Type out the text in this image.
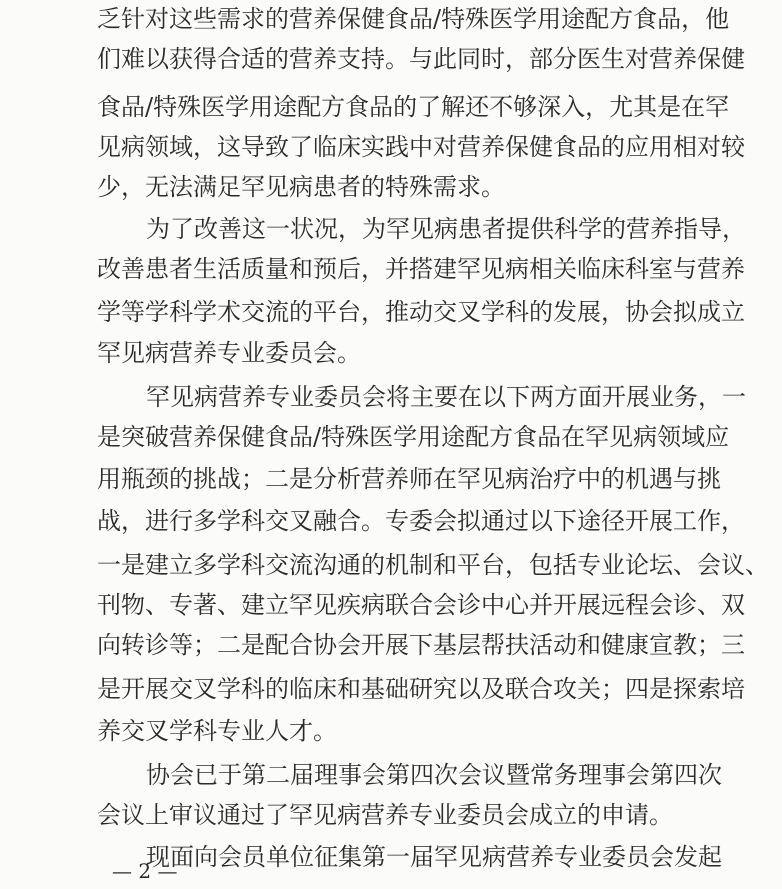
乏针对这些需求的营养保健食品/特殊医学用途配方食品，他
们难以获得合适的营养支持。与此同时，部分医生对营养保健
食品/特殊医学用途配方食品的了解还不够深入，尤其是在罕
见病领域，这导致了临床实践中对营养保健食品的应用相对较
少，无法满足罕见病患者的特殊需求。
为了改善这一状况，为罕见病患者提供科学的营养指导，
改善患者生活质量和预后，并搭建罕见病相关临床科室与营养
学等学科学术交流的平台，推动交叉学科的发展，协会拟成立
罕见病营养专业委员会。
罕见病营养专业委员会将主要在以下两方面开展业务，一
是突破营养保健食品/特殊医学用途配方食品在罕见病领域应
用瓶颈的挑战；二是分析营养师在罕见病治疗中的机遇与挑
战，进行多学科交叉融合。专委会拟通过以下途径开展工作，
一是建立多学科交流沟通的机制和平台，包括专业论坛、会议、
刊物、专著、建立罕见疾病联合会诊中心并开展远程会诊、双
向转诊等；二是配合协会开展下基层帮扶活动和健康宣教；三
是开展交叉学科的临床和基础研究以及联合攻关；四是探索培
养交叉学科专业人才。
协会已于第二届理事会第四次会议暨常务理事会第四次
会议上审议通过了罕见病营养专业委员会成立的申请。
现面向会员单位征集第一届罕见病营养专业委员会发起
— 2 —
